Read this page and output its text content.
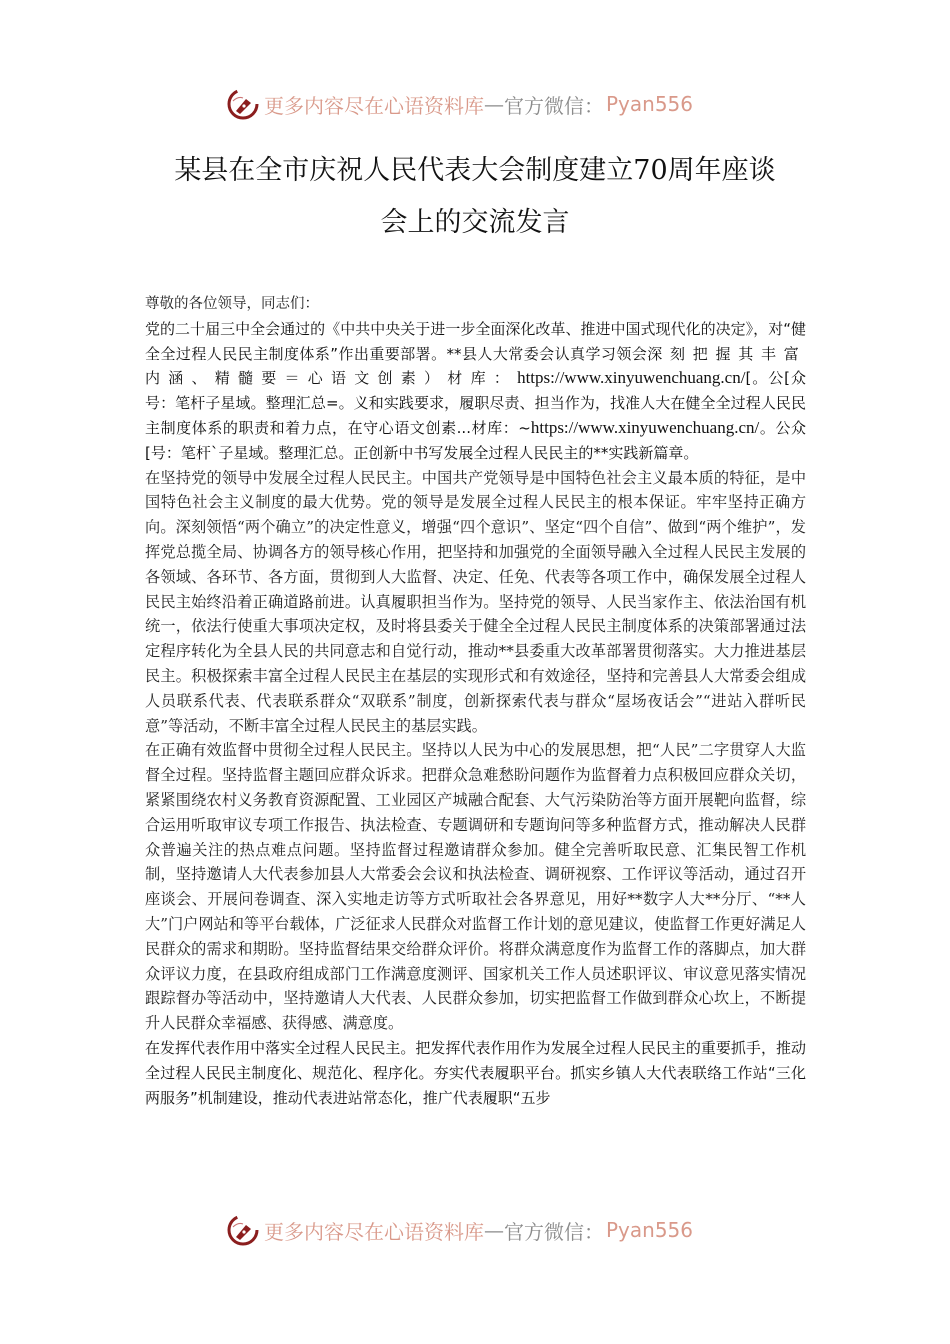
更多内容尽在心语资料库 — 官方微信： Pyan556
某县在全市庆祝人民代表大会制度建立70周年座谈
会上的交流发言

尊敬的各位领导，同志们：

党的二十届三中全会通过的《中共中央关于进一步全面深化改革、推进中国式现代化的决定》，对“健全全过程人民民主制度体系”作出重要部署。**县人大常委会认真学习领会深刻把握其丰富内涵、精髓要＝心语文创素）材库：https://www.xinyuwenchuang.cn/[。公[众号：笔杆子星域。整理汇总=。义和实践要求，履职尽责、担当作为，找准人大在健全全过程人民民主制度体系的职责和着力点，在守心语文创素...材库：~https://www.xinyuwenchuang.cn/。公众[号：笔杆`子星域。整理汇总。正创新中书写发展全过程人民民主的**实践新篇章。

在坚持党的领导中发展全过程人民民主。中国共产党领导是中国特色社会主义最本质的特征，是中国特色社会主义制度的最大优势。党的领导是发展全过程人民民主的根本保证。牢牢坚持正确方向。深刻领悟“两个确立”的决定性意义，增强“四个意识”、坚定“四个自信”、做到“两个维护”，发挥党总揽全局、协调各方的领导核心作用，把坚持和加强党的全面领导融入全过程人民民主发展的各领域、各环节、各方面，贯彻到人大监督、决定、任免、代表等各项工作中，确保发展全过程人民民主始终沿着正确道路前进。认真履职担当作为。坚持党的领导、人民当家作主、依法治国有机统一，依法行使重大事项决定权，及时将县委关于健全全过程人民民主制度体系的决策部署通过法定程序转化为全县人民的共同意志和自觉行动，推动**县委重大改革部署贯彻落实。大力推进基层民主。积极探索丰富全过程人民民主在基层的实现形式和有效途径，坚持和完善县人大常委会组成人员联系代表、代表联系群众“双联系”制度，创新探索代表与群众“屋场夜话会”“进站入群听民意”等活动，不断丰富全过程人民民主的基层实践。

在正确有效监督中贯彻全过程人民民主。坚持以人民为中心的发展思想，把“人民”二字贯穿人大监督全过程。坚持监督主题回应群众诉求。把群众急难愁盼问题作为监督着力点积极回应群众关切，紧紧围绕农村义务教育资源配置、工业园区产城融合配套、大气污染防治等方面开展靶向监督，综合运用听取审议专项工作报告、执法检查、专题调研和专题询问等多种监督方式，推动解决人民群众普遍关注的热点难点问题。坚持监督过程邀请群众参加。健全完善听取民意、汇集民智工作机制，坚持邀请人大代表参加县人大常委会会议和执法检查、调研视察、工作评议等活动，通过召开座谈会、开展问卷调查、深入实地走访等方式听取社会各界意见，用好**数字人大**分厅、“**人大”门户网站和等平台载体，广泛征求人民群众对监督工作计划的意见建议，使监督工作更好满足人民群众的需求和期盼。坚持监督结果交给群众评价。将群众满意度作为监督工作的落脚点，加大群众评议力度，在县政府组成部门工作满意度测评、国家机关工作人员述职评议、审议意见落实情况跟踪督办等活动中，坚持邀请人大代表、人民群众参加，切实把监督工作做到群众心坎上，不断提升人民群众幸福感、获得感、满意度。

在发挥代表作用中落实全过程人民民主。把发挥代表作用作为发展全过程人民民主的重要抓手，推动全过程人民民主制度化、规范化、程序化。夯实代表履职平台。抓实乡镇人大代表联络工作站“三化两服务”机制建设，推动代表进站常态化，推广代表履职“五步

更多内容尽在心语资料库 — 官方微信： Pyan556
